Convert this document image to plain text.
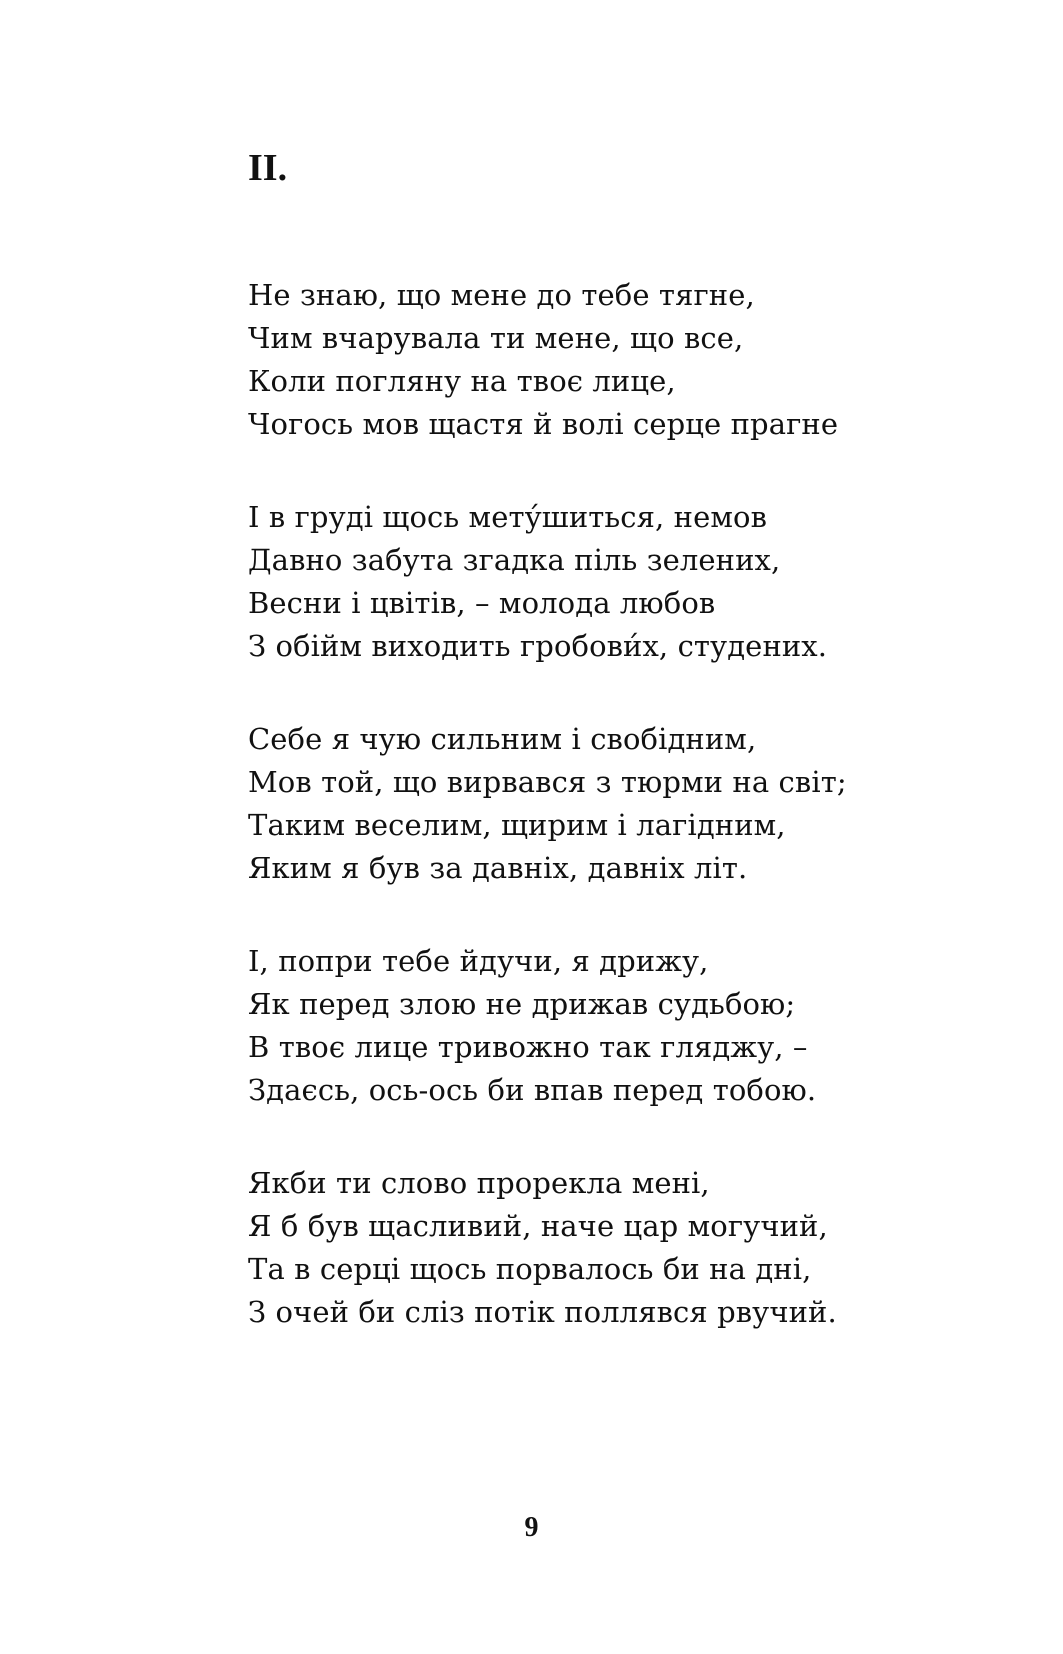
II.
Не знаю, що мене до тебе тягне,
Чим вчарувала ти мене, що все,
Коли погляну на твоє лице,
Чогось мов щастя й волі серце прагне
І в груді щось мету́шиться, немов
Давно забута згадка піль зелених,
Весни і цвітів, – молода любов
З обійм виходить гробови́х, студених.
Себе я чую сильним і свобідним,
Мов той, що вирвався з тюрми на світ;
Таким веселим, щирим і лагідним,
Яким я був за давніх, давніх літ.
І, попри тебе йдучи, я дрижу,
Як перед злою не дрижав судьбою;
В твоє лице тривожно так гляджу, –
Здаєсь, ось-ось би впав перед тобою.
Якби ти слово прорекла мені,
Я б був щасливий, наче цар могучий,
Та в серці щось порвалось би на дні,
З очей би сліз потік поллявся рвучий.
9
